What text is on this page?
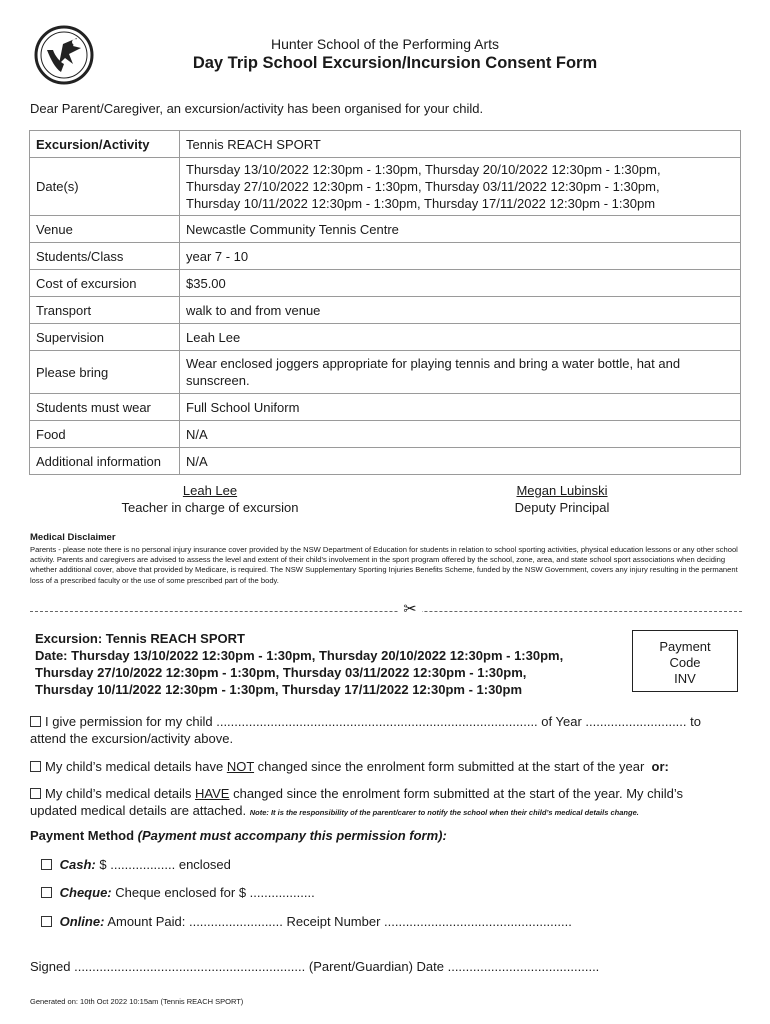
Hunter School of the Performing Arts
Day Trip School Excursion/Incursion Consent Form
Dear Parent/Caregiver, an excursion/activity has been organised for your child.
Excursion/Activity	Tennis REACH SPORT
Date(s)	Thursday 13/10/2022 12:30pm - 1:30pm, Thursday 20/10/2022 12:30pm - 1:30pm,
Thursday 27/10/2022 12:30pm - 1:30pm, Thursday 03/11/2022 12:30pm - 1:30pm,
Thursday 10/11/2022 12:30pm - 1:30pm, Thursday 17/11/2022 12:30pm - 1:30pm

Venue	Newcastle Community Tennis Centre
Students/Class	year 7 - 10
Cost of excursion	$35.00
Transport	walk to and from venue
Supervision	Leah Lee
Please bring	Wear enclosed joggers appropriate for playing tennis and bring a water bottle, hat and
sunscreen.

Students must wear	Full School Uniform
Food	N/A
Additional information	N/A
Leah Lee
Teacher in charge of excursion
Megan Lubinski
Deputy Principal
Medical Disclaimer
Parents - please note there is no personal injury insurance cover provided by the NSW Department of Education for students in relation to school sporting activities, physical education lessons or any other school activity. Parents and caregivers are advised to assess the level and extent of their child's involvement in the sport program offered by the school, zone, area, and state school sport associations when deciding whether additional cover, above that provided by Medicare, is required. The NSW Supplementary Sporting Injuries Benefits Scheme, funded by the NSW Government, covers any injury resulting in the permanent loss of a prescribed faculty or the use of some prescribed part of the body.
✂
Excursion: Tennis REACH SPORT
Date: Thursday 13/10/2022 12:30pm - 1:30pm, Thursday 20/10/2022 12:30pm - 1:30pm,
Thursday 27/10/2022 12:30pm - 1:30pm, Thursday 03/11/2022 12:30pm - 1:30pm,
Thursday 10/11/2022 12:30pm - 1:30pm, Thursday 17/11/2022 12:30pm - 1:30pm
Payment
Code
INV
I give permission for my child ......................................................................................... of Year ............................ to
attend the excursion/activity above.
My child’s medical details have NOT changed since the enrolment form submitted at the start of the year or:
My child’s medical details HAVE changed since the enrolment form submitted at the start of the year. My child’s
updated medical details are attached. Note: It is the responsibility of the parent/carer to notify the school when their child’s medical details change.
Payment Method (Payment must accompany this permission form):
Cash: $ .................. enclosed
Cheque: Cheque enclosed for $ ..................
Online: Amount Paid: .......................... Receipt Number ....................................................
Signed ................................................................ (Parent/Guardian) Date ..........................................
Generated on: 10th Oct 2022 10:15am (Tennis REACH SPORT)
